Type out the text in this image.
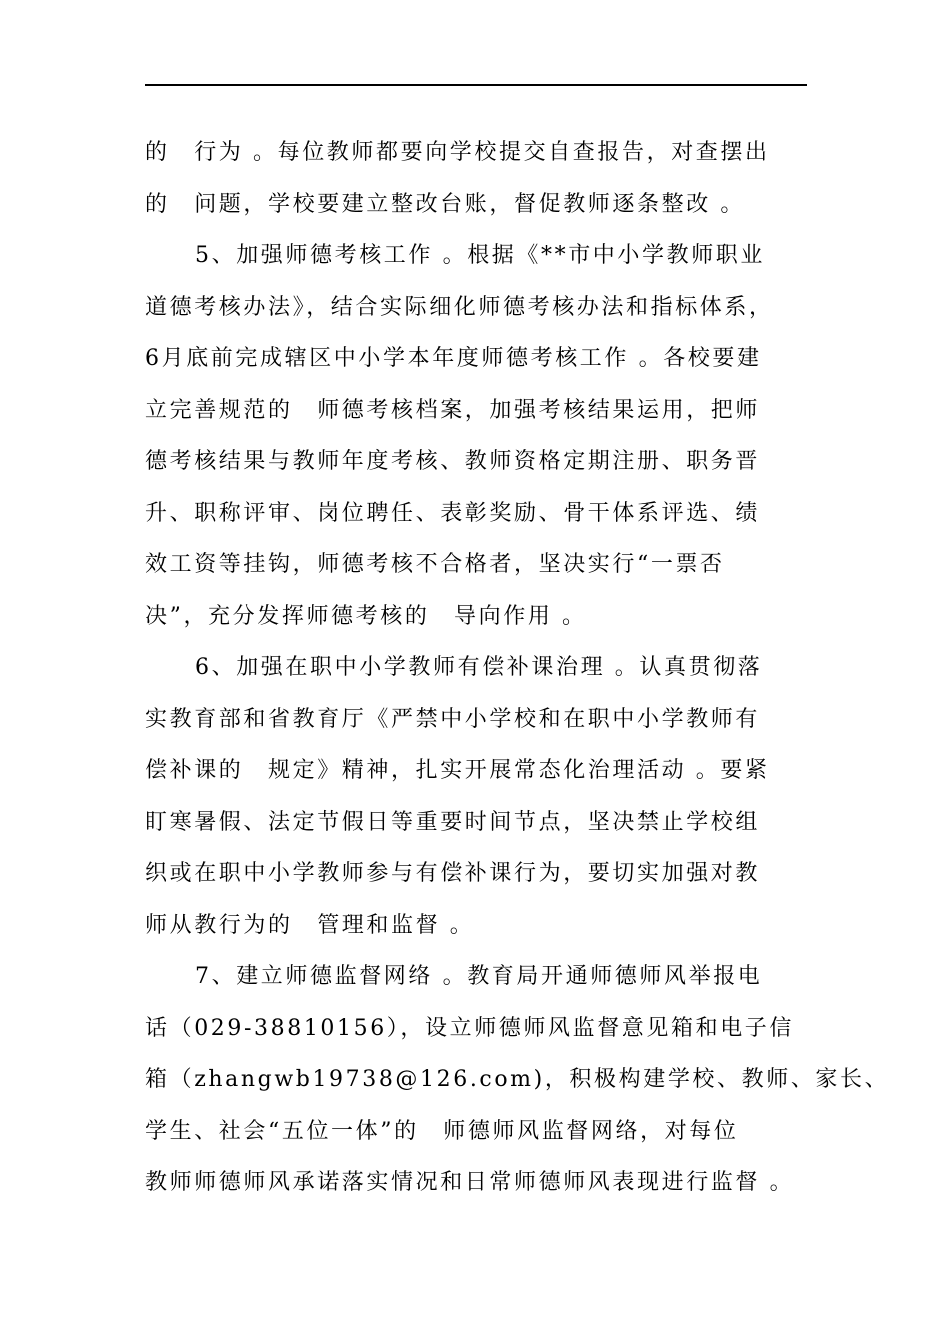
的　行为 。每位教师都要向学校提交自查报告，对查摆出
的　问题，学校要建立整改台账，督促教师逐条整改 。
5、加强师德考核工作 。根据《**市中小学教师职业
道德考核办法》，结合实际细化师德考核办法和指标体系，
6月底前完成辖区中小学本年度师德考核工作 。各校要建
立完善规范的　师德考核档案，加强考核结果运用，把师
德考核结果与教师年度考核、教师资格定期注册、职务晋
升、职称评审、岗位聘任、表彰奖励、骨干体系评选、绩
效工资等挂钩，师德考核不合格者，坚决实行“一票否
决”，充分发挥师德考核的　导向作用 。
6、加强在职中小学教师有偿补课治理 。认真贯彻落
实教育部和省教育厅《严禁中小学校和在职中小学教师有
偿补课的　规定》精神，扎实开展常态化治理活动 。要紧
盯寒暑假、法定节假日等重要时间节点，坚决禁止学校组
织或在职中小学教师参与有偿补课行为，要切实加强对教
师从教行为的　管理和监督 。
7、建立师德监督网络 。教育局开通师德师风举报电
话（029-38810156），设立师德师风监督意见箱和电子信
箱（zhangwb19738@126.com)，积极构建学校、教师、家长、
学生、社会“五位一体”的　师德师风监督网络，对每位
教师师德师风承诺落实情况和日常师德师风表现进行监督 。
